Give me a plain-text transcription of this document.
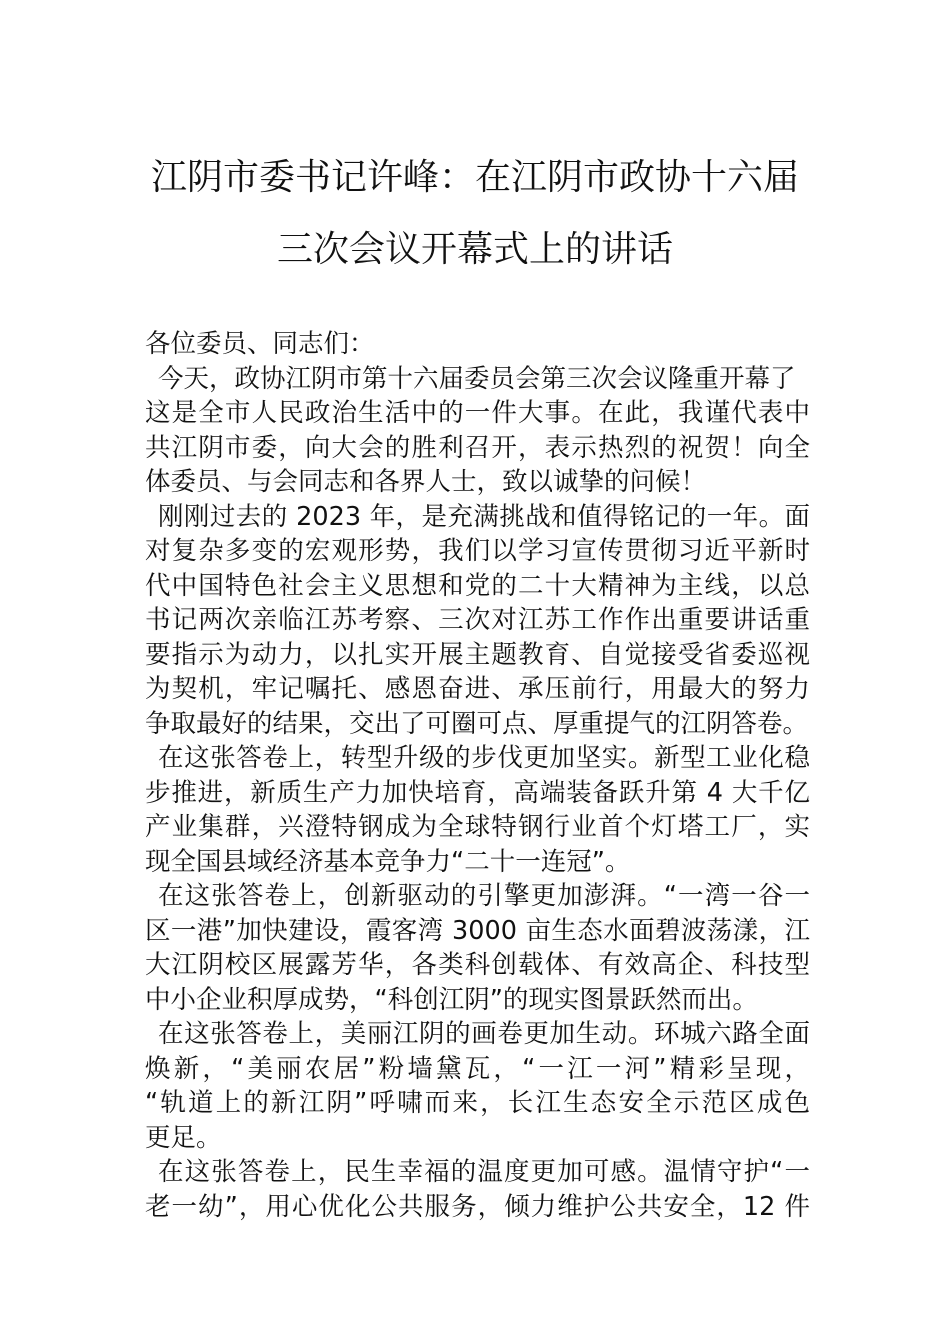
江阴市委书记许峰：在江阴市政协十六届
三次会议开幕式上的讲话
各位委员、同志们：
今天，政协江阴市第十六届委员会第三次会议隆重开幕了
这是全市人民政治生活中的一件大事。在此，我谨代表中
共江阴市委，向大会的胜利召开，表示热烈的祝贺！向全
体委员、与会同志和各界人士，致以诚挚的问候！
刚刚过去的 2023 年，是充满挑战和值得铭记的一年。面
对复杂多变的宏观形势，我们以学习宣传贯彻习近平新时
代中国特色社会主义思想和党的二十大精神为主线，以总
书记两次亲临江苏考察、三次对江苏工作作出重要讲话重
要指示为动力，以扎实开展主题教育、自觉接受省委巡视
为契机，牢记嘱托、感恩奋进、承压前行，用最大的努力
争取最好的结果，交出了可圈可点、厚重提气的江阴答卷。
在这张答卷上，转型升级的步伐更加坚实。新型工业化稳
步推进，新质生产力加快培育，高端装备跃升第 4 大千亿
产业集群，兴澄特钢成为全球特钢行业首个灯塔工厂，实
现全国县域经济基本竞争力“二十一连冠”。
在这张答卷上，创新驱动的引擎更加澎湃。“一湾一谷一
区一港”加快建设，霞客湾 3000 亩生态水面碧波荡漾，江
大江阴校区展露芳华，各类科创载体、有效高企、科技型
中小企业积厚成势，“科创江阴”的现实图景跃然而出。
在这张答卷上，美丽江阴的画卷更加生动。环城六路全面
焕新，“美丽农居”粉墙黛瓦，“一江一河”精彩呈现，
“轨道上的新江阴”呼啸而来，长江生态安全示范区成色
更足。
在这张答卷上，民生幸福的温度更加可感。温情守护“一
老一幼”，用心优化公共服务，倾力维护公共安全，12 件
